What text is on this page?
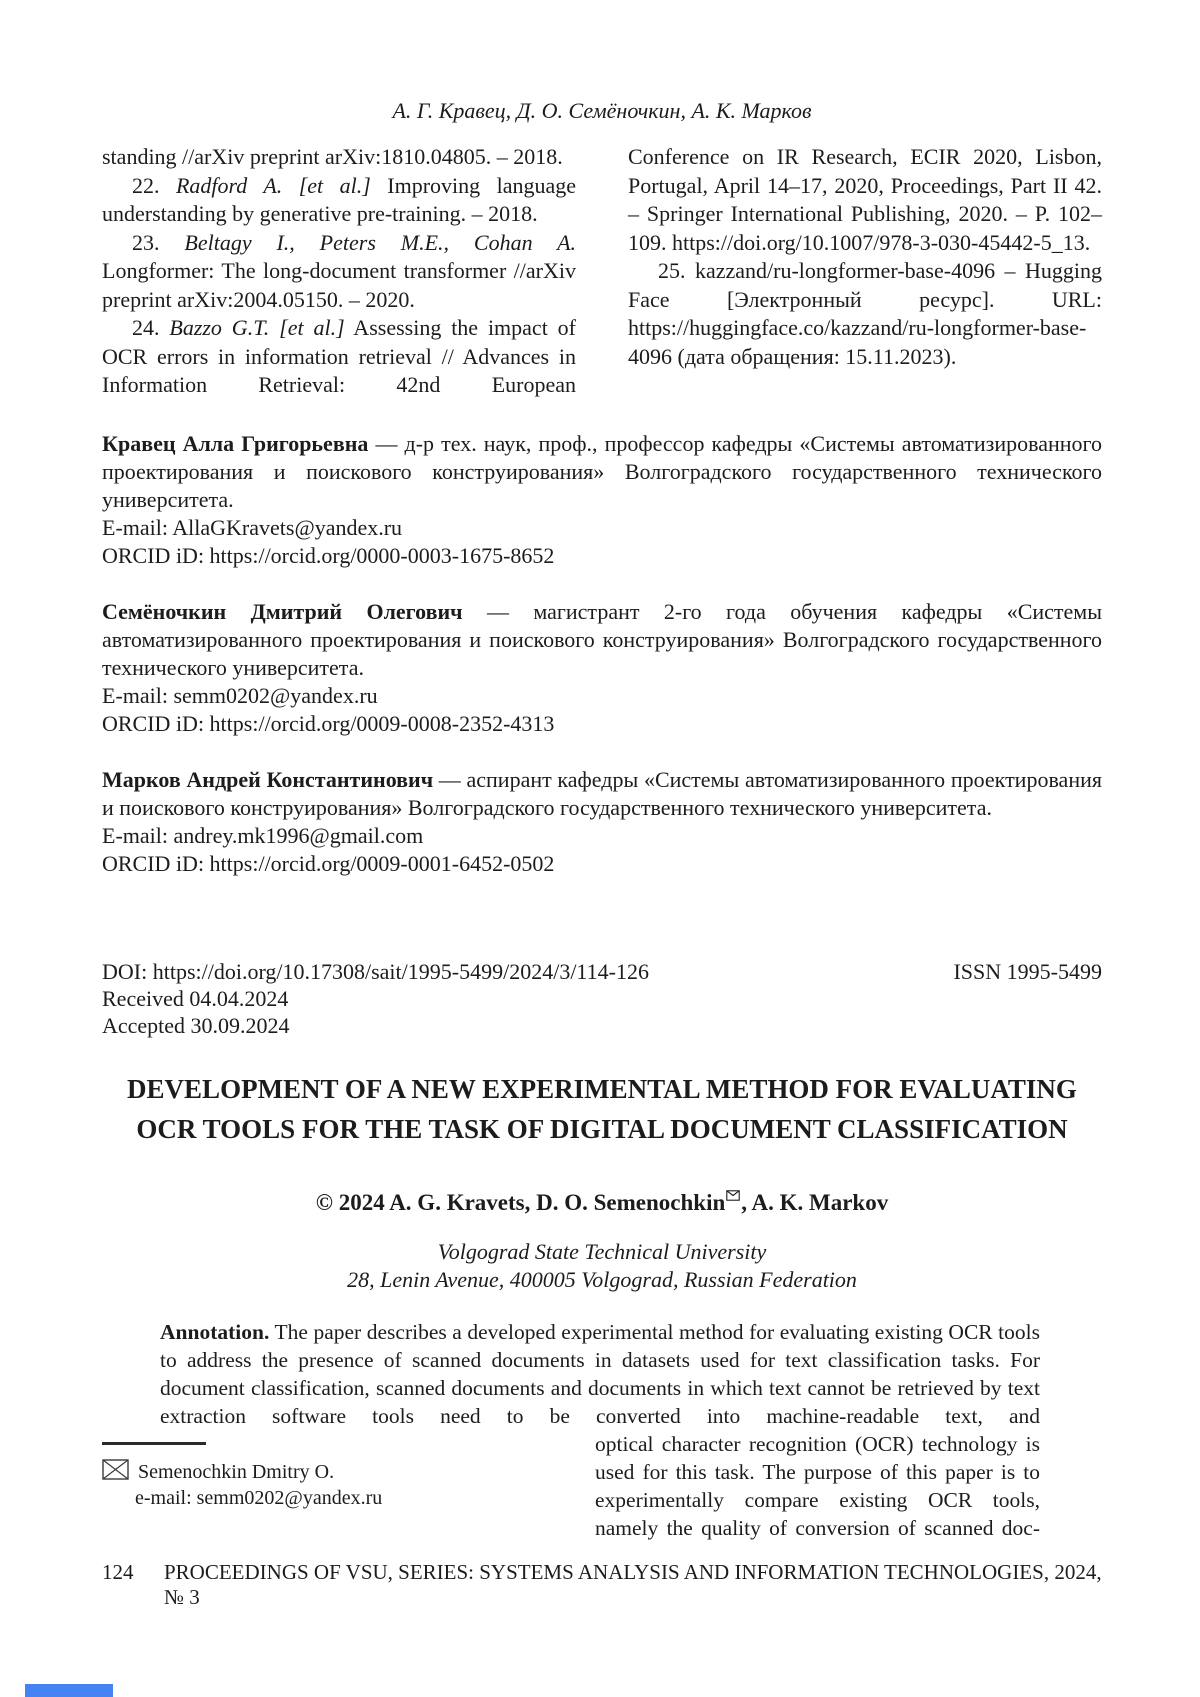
А. Г. Кравец, Д. О. Семёночкин, А. К. Марков

standing //arXiv preprint arXiv:1810.04805. – 2018.

22. Radford A. [et al.] Improving language understanding by generative pre-training. – 2018.

23. Beltagy I., Peters M.E., Cohan A. Longformer: The long-document transformer //arXiv preprint arXiv:2004.05150. – 2020.

24. Bazzo G.T. [et al.] Assessing the impact of OCR errors in information retrieval // Advances in Information Retrieval: 42nd European

Conference on IR Research, ECIR 2020, Lisbon, Portugal, April 14–17, 2020, Proceedings, Part II 42. – Springer International Publishing, 2020. – P. 102–109. https://doi.org/10.1007/978-3-030-45442-5_13.

25. kazzand/ru-longformer-base-4096 – Hugging Face [Электронный ресурс]. URL: https://huggingface.co/kazzand/ru-longformer-base-4096 (дата обращения: 15.11.2023).

Кравец Алла Григорьевна — д-р тех. наук, проф., профессор кафедры «Системы автоматизированного проектирования и поискового конструирования» Волгоградского государственного технического университета.

E-mail: AllaGKravets@yandex.ru

ORCID iD: https://orcid.org/0000-0003-1675-8652

Семёночкин Дмитрий Олегович — магистрант 2-го года обучения кафедры «Системы автоматизированного проектирования и поискового конструирования» Волгоградского государственного технического университета.

E-mail: semm0202@yandex.ru

ORCID iD: https://orcid.org/0009-0008-2352-4313

Марков Андрей Константинович — аспирант кафедры «Системы автоматизированного проектирования и поискового конструирования» Волгоградского государственного технического университета.

E-mail: andrey.mk1996@gmail.com

ORCID iD: https://orcid.org/0009-0001-6452-0502

DOI: https://doi.org/10.17308/sait/1995-5499/2024/3/114-126	ISSN 1995-5499
Received 04.04.2024
Accepted 30.09.2024
DEVELOPMENT OF A NEW EXPERIMENTAL METHOD FOR EVALUATING
OCR TOOLS FOR THE TASK OF DIGITAL DOCUMENT CLASSIFICATION
© 2024 A. G. Kravets, D. O. Semenochkin , A. K. Markov
Volgograd State Technical University
28, Lenin Avenue, 400005 Volgograd, Russian Federation

Annotation. The paper describes a developed experimental method for evaluating existing OCR tools to address the presence of scanned documents in datasets used for text classification tasks. For document classification, scanned documents and documents in which text cannot be retrieved by text extraction software tools need to be converted into machine-readable text, and

Semenochkin Dmitry O.
e-mail: semm0202@yandex.ru

optical character recognition (OCR) technology is used for this task. The purpose of this paper is to experimentally compare existing OCR tools, namely the quality of conversion of scanned doc-

124	PROCEEDINGS OF VSU, SERIES: SYSTEMS ANALYSIS AND INFORMATION TECHNOLOGIES, 2024, № 3
